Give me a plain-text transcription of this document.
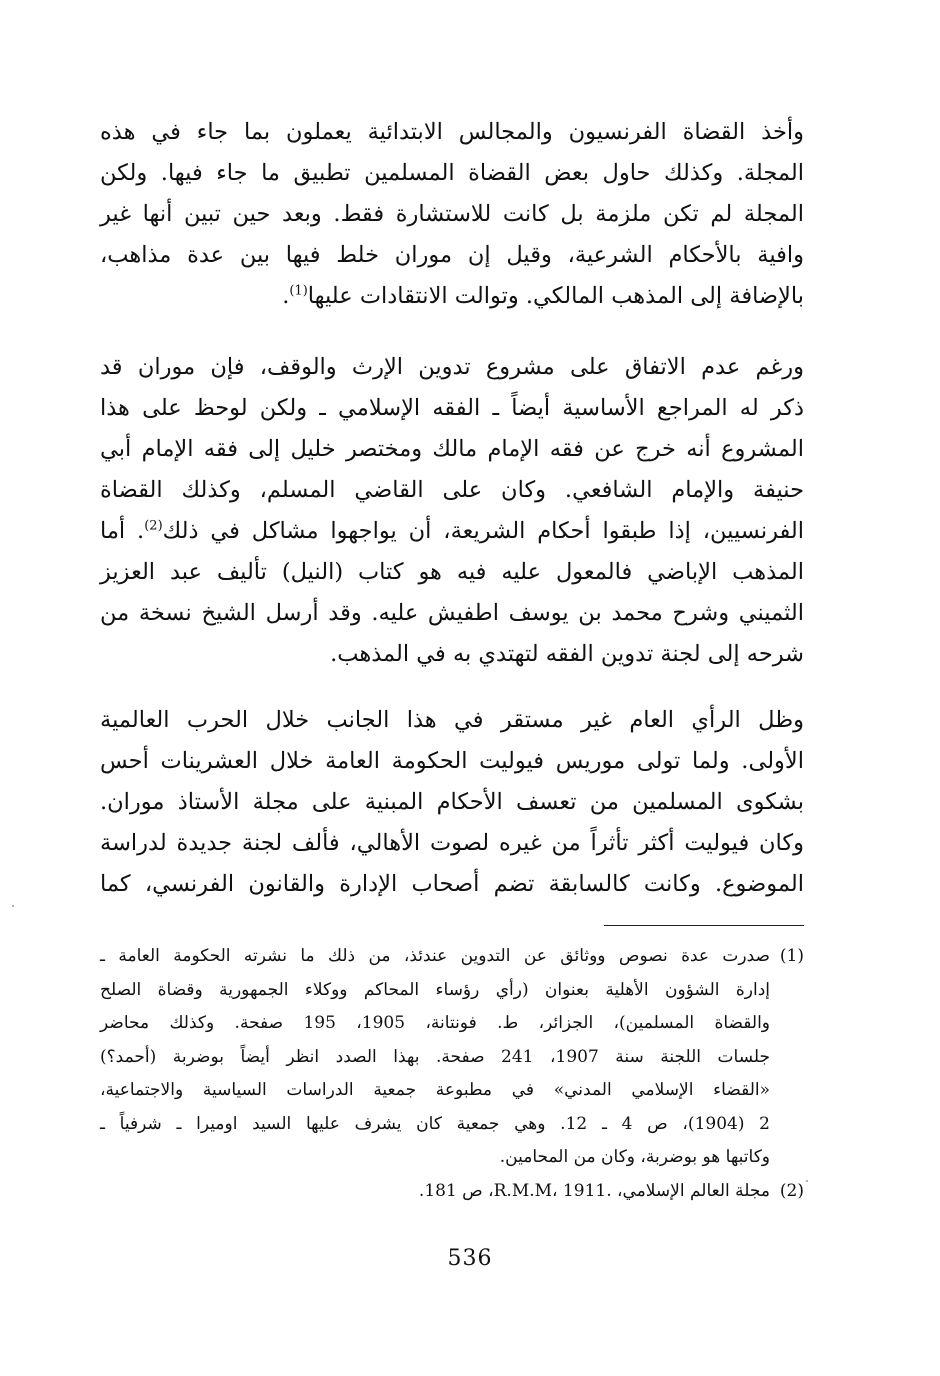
وأخذ القضاة الفرنسيون والمجالس الابتدائية يعملون بما جاء في هذه
المجلة. وكذلك حاول بعض القضاة المسلمين تطبيق ما جاء فيها. ولكن
المجلة لم تكن ملزمة بل كانت للاستشارة فقط. وبعد حين تبين أنها غير
وافية بالأحكام الشرعية، وقيل إن موران خلط فيها بين عدة مذاهب،
بالإضافة إلى المذهب المالكي. وتوالت الانتقادات عليها$^{(1)}$.
ورغم عدم الاتفاق على مشروع تدوين الإرث والوقف، فإن موران قد
ذكر له المراجع الأساسية أيضاً ـ الفقه الإسلامي ـ ولكن لوحظ على هذا
المشروع أنه خرج عن فقه الإمام مالك ومختصر خليل إلى فقه الإمام أبي
حنيفة والإمام الشافعي. وكان على القاضي المسلم، وكذلك القضاة
الفرنسيين، إذا طبقوا أحكام الشريعة، أن يواجهوا مشاكل في ذلك$^{(2)}$. أما
المذهب الإباضي فالمعول عليه فيه هو كتاب (النيل) تأليف عبد العزيز
الثميني وشرح محمد بن يوسف اطفيش عليه. وقد أرسل الشيخ نسخة من
شرحه إلى لجنة تدوين الفقه لتهتدي به في المذهب.
وظل الرأي العام غير مستقر في هذا الجانب خلال الحرب العالمية
الأولى. ولما تولى موريس فيوليت الحكومة العامة خلال العشرينات أحس
بشكوى المسلمين من تعسف الأحكام المبنية على مجلة الأستاذ موران.
وكان فيوليت أكثر تأثراً من غيره لصوت الأهالي، فألف لجنة جديدة لدراسة
الموضوع. وكانت كالسابقة تضم أصحاب الإدارة والقانون الفرنسي، كما
(1)
صدرت عدة نصوص ووثائق عن التدوين عندئذ، من ذلك ما نشرته الحكومة العامة ـ
إدارة الشؤون الأهلية بعنوان (رأي رؤساء المحاكم ووكلاء الجمهورية وقضاة الصلح
والقضاة المسلمين)، الجزائر، ط. فونتانة، 1905، 195 صفحة. وكذلك محاضر
جلسات اللجنة سنة 1907، 241 صفحة. بهذا الصدد انظر أيضاً بوضربة (أحمد؟)
«القضاء الإسلامي المدني» في مطبوعة جمعية الدراسات السياسية والاجتماعية،
2 (1904)، ص 4 ـ 12. وهي جمعية كان يشرف عليها السيد اوميرا ـ شرفياً ـ
وكاتبها هو بوضربة، وكان من المحامين.
(2)
مجلة العالم الإسلامي، .R.M.M، 1911، ص 181.
536
